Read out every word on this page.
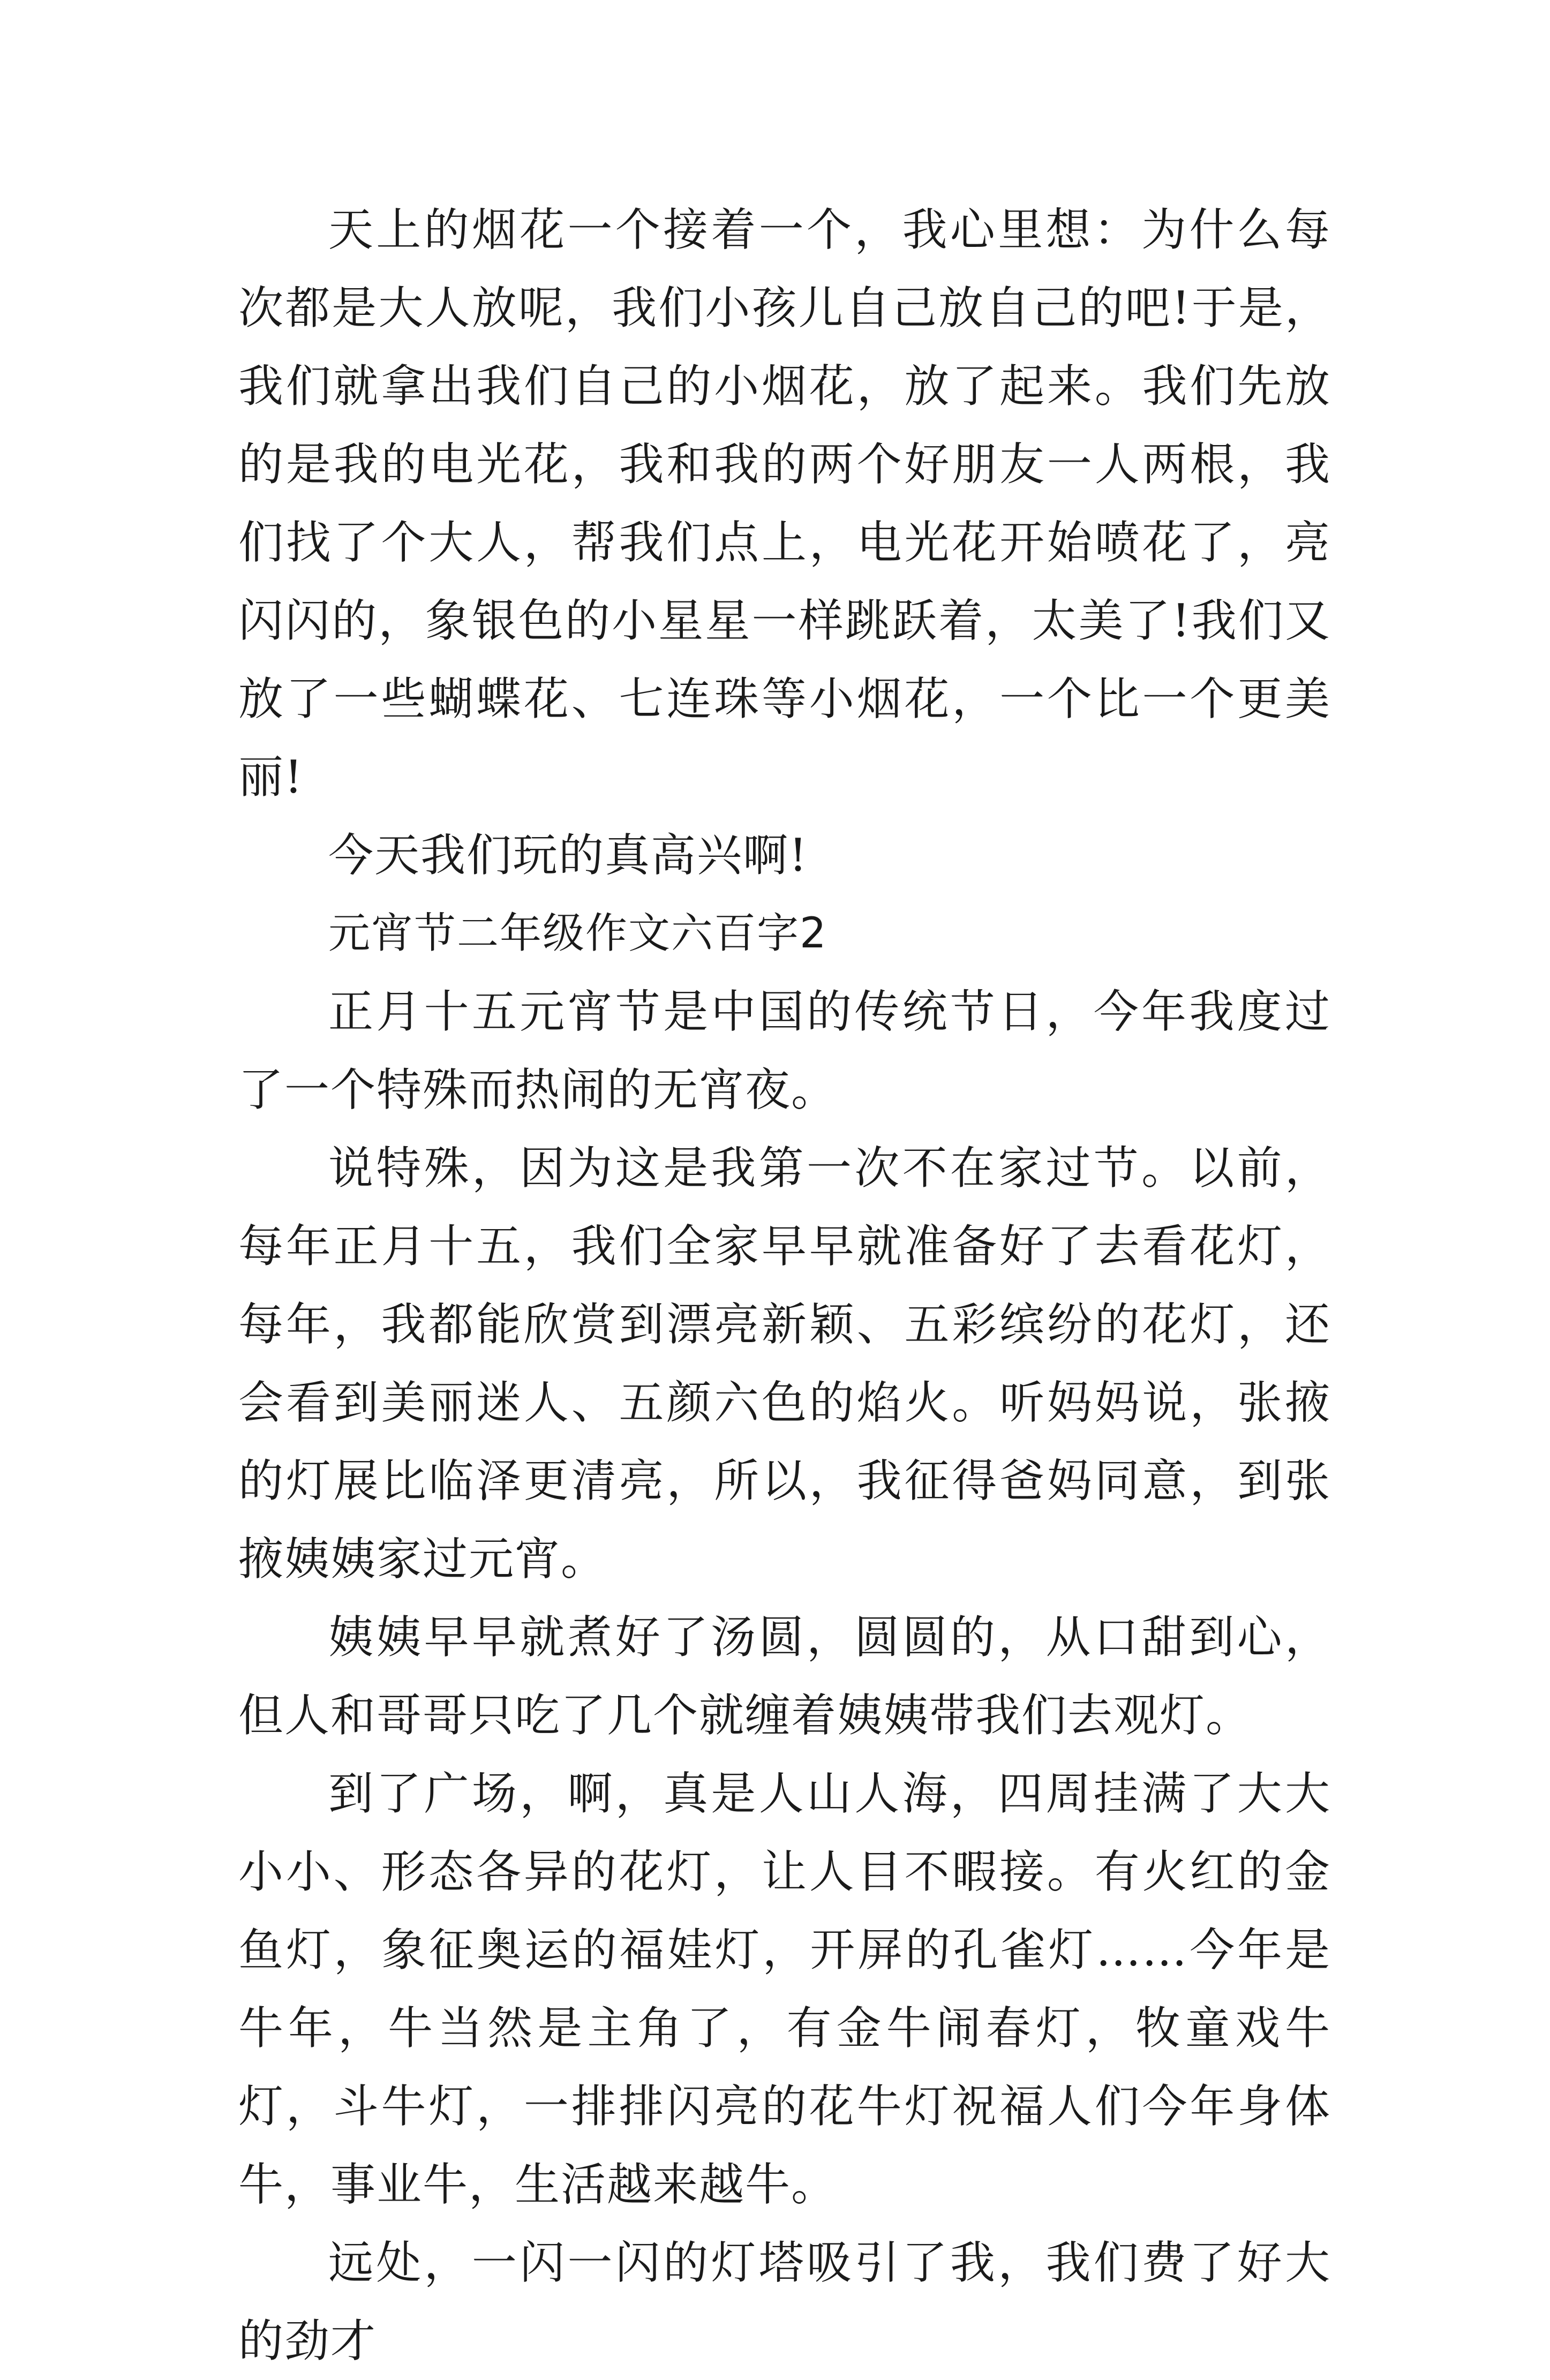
天上的烟花一个接着一个，我心里想：为什么每次都是大人放呢，我们小孩儿自己放自己的吧!于是，我们就拿出我们自己的小烟花，放了起来。我们先放的是我的电光花，我和我的两个好朋友一人两根，我们找了个大人，帮我们点上，电光花开始喷花了，亮闪闪的，象银色的小星星一样跳跃着，太美了!我们又放了一些蝴蝶花、七连珠等小烟花，一个比一个更美丽!

今天我们玩的真高兴啊!

元宵节二年级作文六百字2

正月十五元宵节是中国的传统节日，今年我度过了一个特殊而热闹的无宵夜。

说特殊，因为这是我第一次不在家过节。以前，每年正月十五，我们全家早早就准备好了去看花灯，每年，我都能欣赏到漂亮新颖、五彩缤纷的花灯，还会看到美丽迷人、五颜六色的焰火。听妈妈说，张掖的灯展比临泽更清亮，所以，我征得爸妈同意，到张掖姨姨家过元宵。

姨姨早早就煮好了汤圆，圆圆的，从口甜到心，但人和哥哥只吃了几个就缠着姨姨带我们去观灯。

到了广场，啊，真是人山人海，四周挂满了大大小小、形态各异的花灯，让人目不暇接。有火红的金鱼灯，象征奥运的福娃灯，开屏的孔雀灯……今年是牛年，牛当然是主角了，有金牛闹春灯，牧童戏牛灯，斗牛灯，一排排闪亮的花牛灯祝福人们今年身体牛，事业牛，生活越来越牛。

远处，一闪一闪的灯塔吸引了我，我们费了好大的劲才
